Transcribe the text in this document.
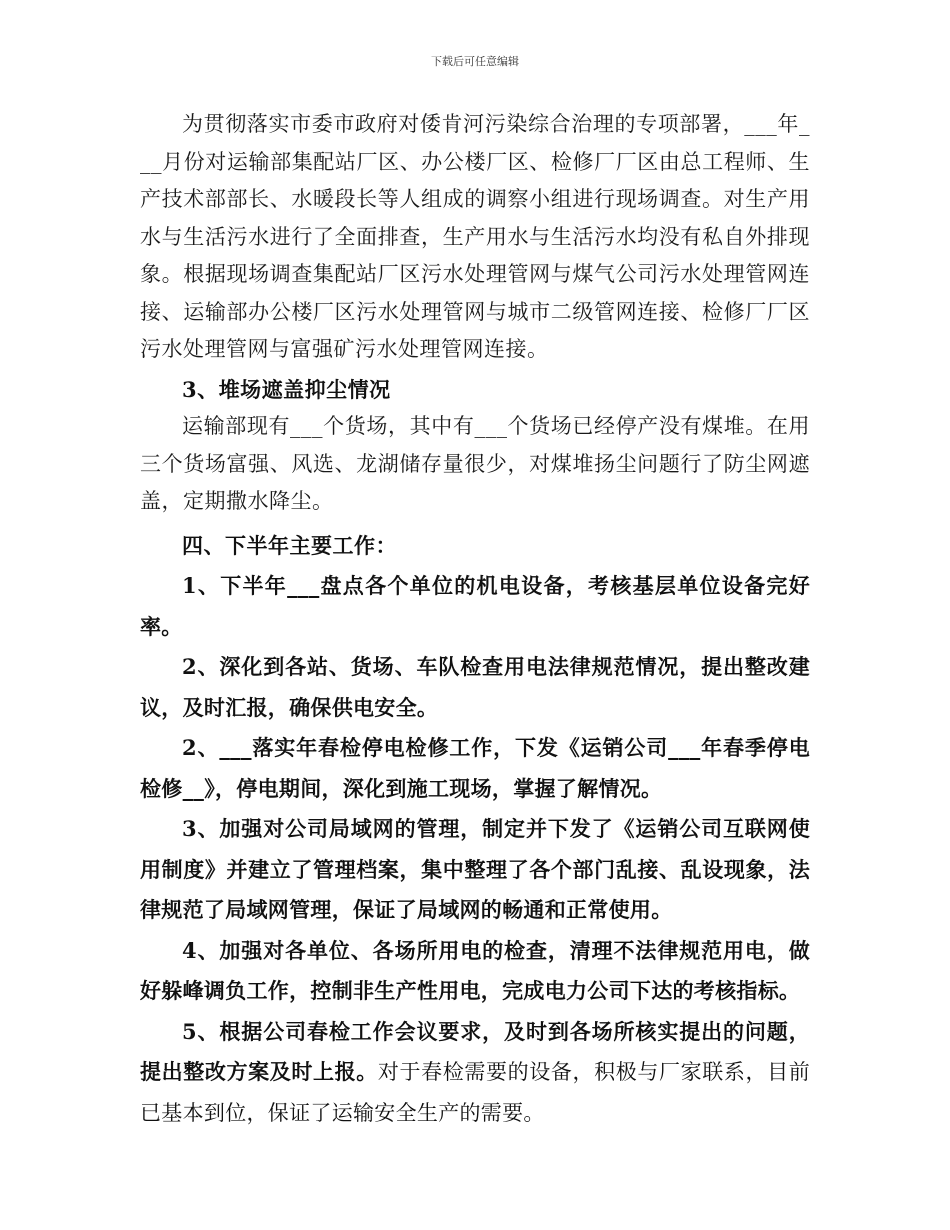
下载后可任意编辑

为贯彻落实市委市政府对倭肯河污染综合治理的专项部署，___年___月份对运输部集配站厂区、办公楼厂区、检修厂厂区由总工程师、生产技术部部长、水暖段长等人组成的调察小组进行现场调查。对生产用水与生活污水进行了全面排查，生产用水与生活污水均没有私自外排现象。根据现场调查集配站厂区污水处理管网与煤气公司污水处理管网连接、运输部办公楼厂区污水处理管网与城市二级管网连接、检修厂厂区污水处理管网与富强矿污水处理管网连接。

3、堆场遮盖抑尘情况

运输部现有___个货场，其中有___个货场已经停产没有煤堆。在用三个货场富强、风选、龙湖储存量很少，对煤堆扬尘问题行了防尘网遮盖，定期撒水降尘。

四、下半年主要工作：

1、下半年___盘点各个单位的机电设备，考核基层单位设备完好率。

2、深化到各站、货场、车队检查用电法律规范情况，提出整改建议，及时汇报，确保供电安全。

2、___落实年春检停电检修工作，下发《运销公司___年春季停电检修__》，停电期间，深化到施工现场，掌握了解情况。

3、加强对公司局域网的管理，制定并下发了《运销公司互联网使用制度》并建立了管理档案，集中整理了各个部门乱接、乱设现象，法律规范了局域网管理，保证了局域网的畅通和正常使用。

4、加强对各单位、各场所用电的检查，清理不法律规范用电，做好躲峰调负工作，控制非生产性用电，完成电力公司下达的考核指标。

5、根据公司春检工作会议要求，及时到各场所核实提出的问题，提出整改方案及时上报。对于春检需要的设备，积极与厂家联系，目前已基本到位，保证了运输安全生产的需要。
